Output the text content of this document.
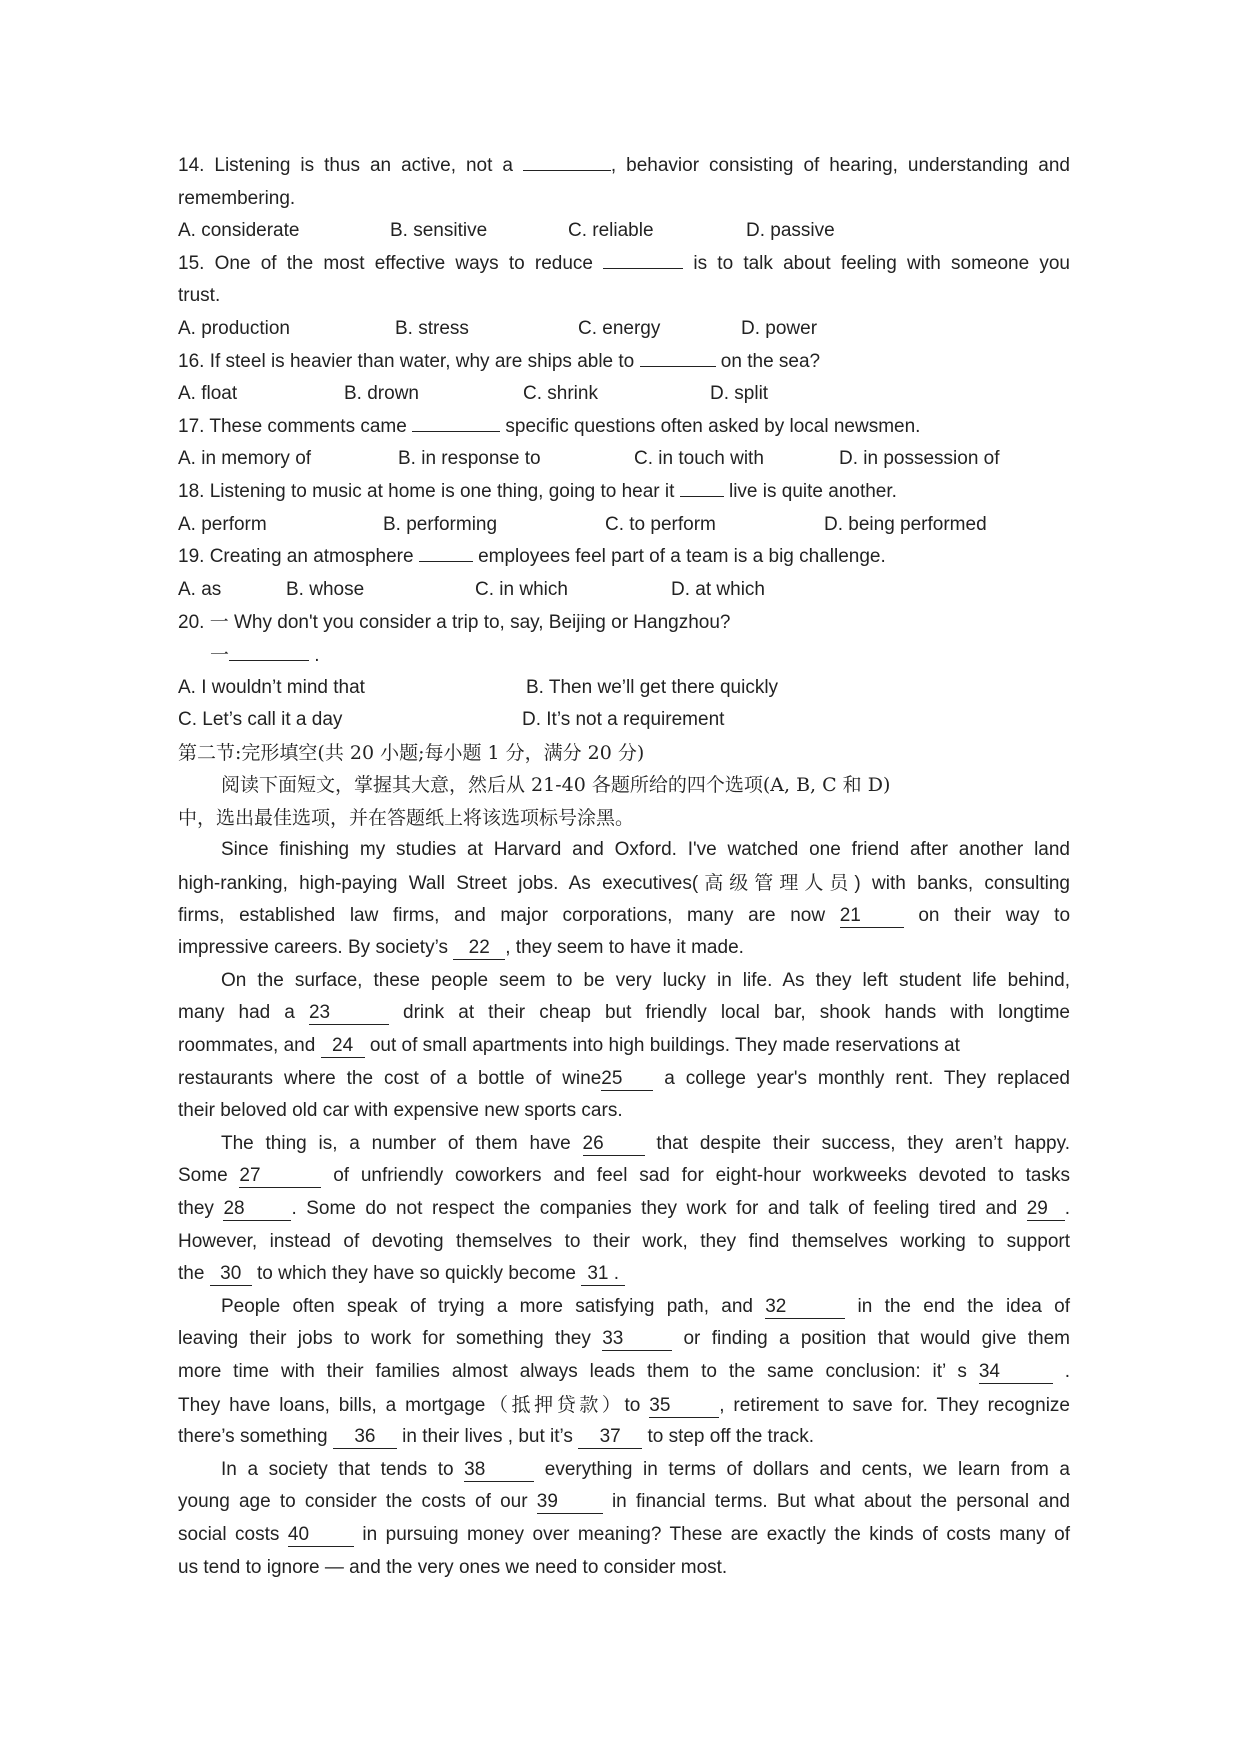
14. Listening is thus an active, not a	, behavior consisting of hearing, understanding and
remembering.
A. considerate	B. sensitive	C. reliable	D. passive
15. One of the most effective ways to reduce	is to talk about feeling with someone you
trust.
A. production	B. stress	C. energy	D. power
16. If steel is heavier than water, why are ships able to	on the sea?
A. float	B. drown	C. shrink	D. split
17. These comments came	specific questions often asked by local newsmen.
A. in memory of	B. in response to	C. in touch with	D. in possession of
18. Listening to music at home is one thing, going to hear it  live is quite another.
A. perform	B. performing	C. to perform	D. being performed
19. Creating an atmosphere	employees feel part of a team is a big challenge.
A. as	B. whose	C. in which	D. at which
20. 一 Why don't you consider a trip to, say, Beijing or Hangzhou?
一	.
A. I wouldn’t mind that	B. Then we’ll get there quickly
C. Let’s call it a day	D. It’s not a requirement
第二节:完形填空(共 20 小题;每小题 1 分，满分 20 分)
阅读下面短文，掌握其大意，然后从 21-40 各题所给的四个选项(A, B, C 和 D)
中，选出最佳选项，并在答题纸上将该选项标号涂黑。
Since finishing my studies at Harvard and Oxford. I've watched one friend after another land
high-ranking, high-paying Wall Street jobs. As executives(高级管理人员) with banks, consulting
firms, established law firms, and major corporations, many are now 21 on their way to
impressive careers. By society’s 22 , they seem to have it made.
On the surface, these people seem to be very lucky in life. As they left student life behind,
many had a 23	drink at their cheap but friendly local bar, shook hands with longtime
roommates, and 24 out of small apartments into high buildings. They made reservations at
restaurants where the cost of a bottle of wine25 a college year's monthly rent. They replaced
their beloved old car with expensive new sports cars.
The thing is, a number of them have 26 that despite their success, they aren’t happy.
Some 27	of unfriendly coworkers and feel sad for eight-hour workweeks devoted to tasks
they 28 . Some do not respect the companies they work for and talk of feeling tired and 29 .
However, instead of devoting themselves to their work, they find themselves working to support
the 30 to which they have so quickly become 31 .
People often speak of trying a more satisfying path, and 32	in the end the idea of
leaving their jobs to work for something they 33	or finding a position that would give them
more time with their families almost always leads them to the same conclusion: it’ s 34	.
They have loans, bills, a mortgage（抵押贷款）to 35	, retirement to save for. They recognize
there’s something 36 in their lives , but it’s 37 to step off the track.
In a society that tends to 38	everything in terms of dollars and cents, we learn from a
young age to consider the costs of our 39 in financial terms. But what about the personal and
social costs 40 in pursuing money over meaning? These are exactly the kinds of costs many of
us tend to ignore — and the very ones we need to consider most.
